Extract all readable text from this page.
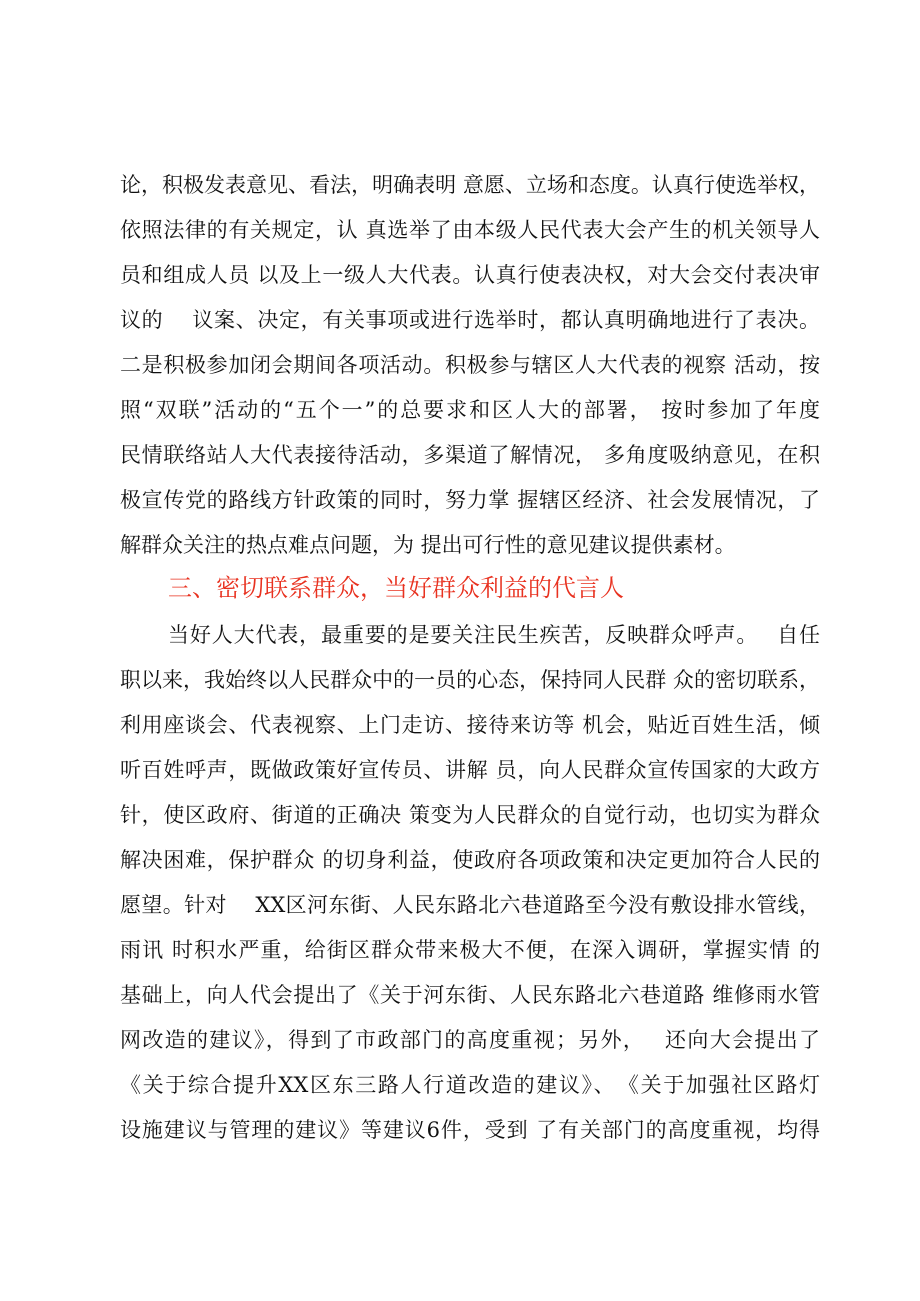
论，积极发表意见、看法，明确表明 意愿、立场和态度。认真行使选举权，
依照法律的有关规定，认 真选举了由本级人民代表大会产生的机关领导人
员和组成人员 以及上一级人大代表。认真行使表决权，对大会交付表决审
议的　 议案、决定，有关事项或进行选举时，都认真明确地进行了表决。
二是积极参加闭会期间各项活动。积极参与辖区人大代表的视察 活动，按
照“双联”活动的“五个一”的总要求和区人大的部署， 按时参加了年度
民情联络站人大代表接待活动，多渠道了解情况， 多角度吸纳意见，在积
极宣传党的路线方针政策的同时，努力掌 握辖区经济、社会发展情况，了
解群众关注的热点难点问题，为 提出可行性的意见建议提供素材。
三、密切联系群众，当好群众利益的代言人
当好人大代表，最重要的是要关注民生疾苦，反映群众呼声。　 自任
职以来，我始终以人民群众中的一员的心态，保持同人民群 众的密切联系，
利用座谈会、代表视察、上门走访、接待来访等 机会，贴近百姓生活，倾
听百姓呼声，既做政策好宣传员、讲解 员，向人民群众宣传国家的大政方
针，使区政府、街道的正确决 策变为人民群众的自觉行动，也切实为群众
解决困难，保护群众 的切身利益，使政府各项政策和决定更加符合人民的
愿望。针对　 XX区河东街、人民东路北六巷道路至今没有敷设排水管线，
雨讯 时积水严重，给街区群众带来极大不便，在深入调研，掌握实情 的
基础上，向人代会提出了《关于河东街、人民东路北六巷道路 维修雨水管
网改造的建议》，得到了市政部门的高度重视；另外，　 还向大会提出了
《关于综合提升XX区东三路人行道改造的建议》、　《关于加强社区路灯
设施建议与管理的建议》等建议6件，受到 了有关部门的高度重视，均得
